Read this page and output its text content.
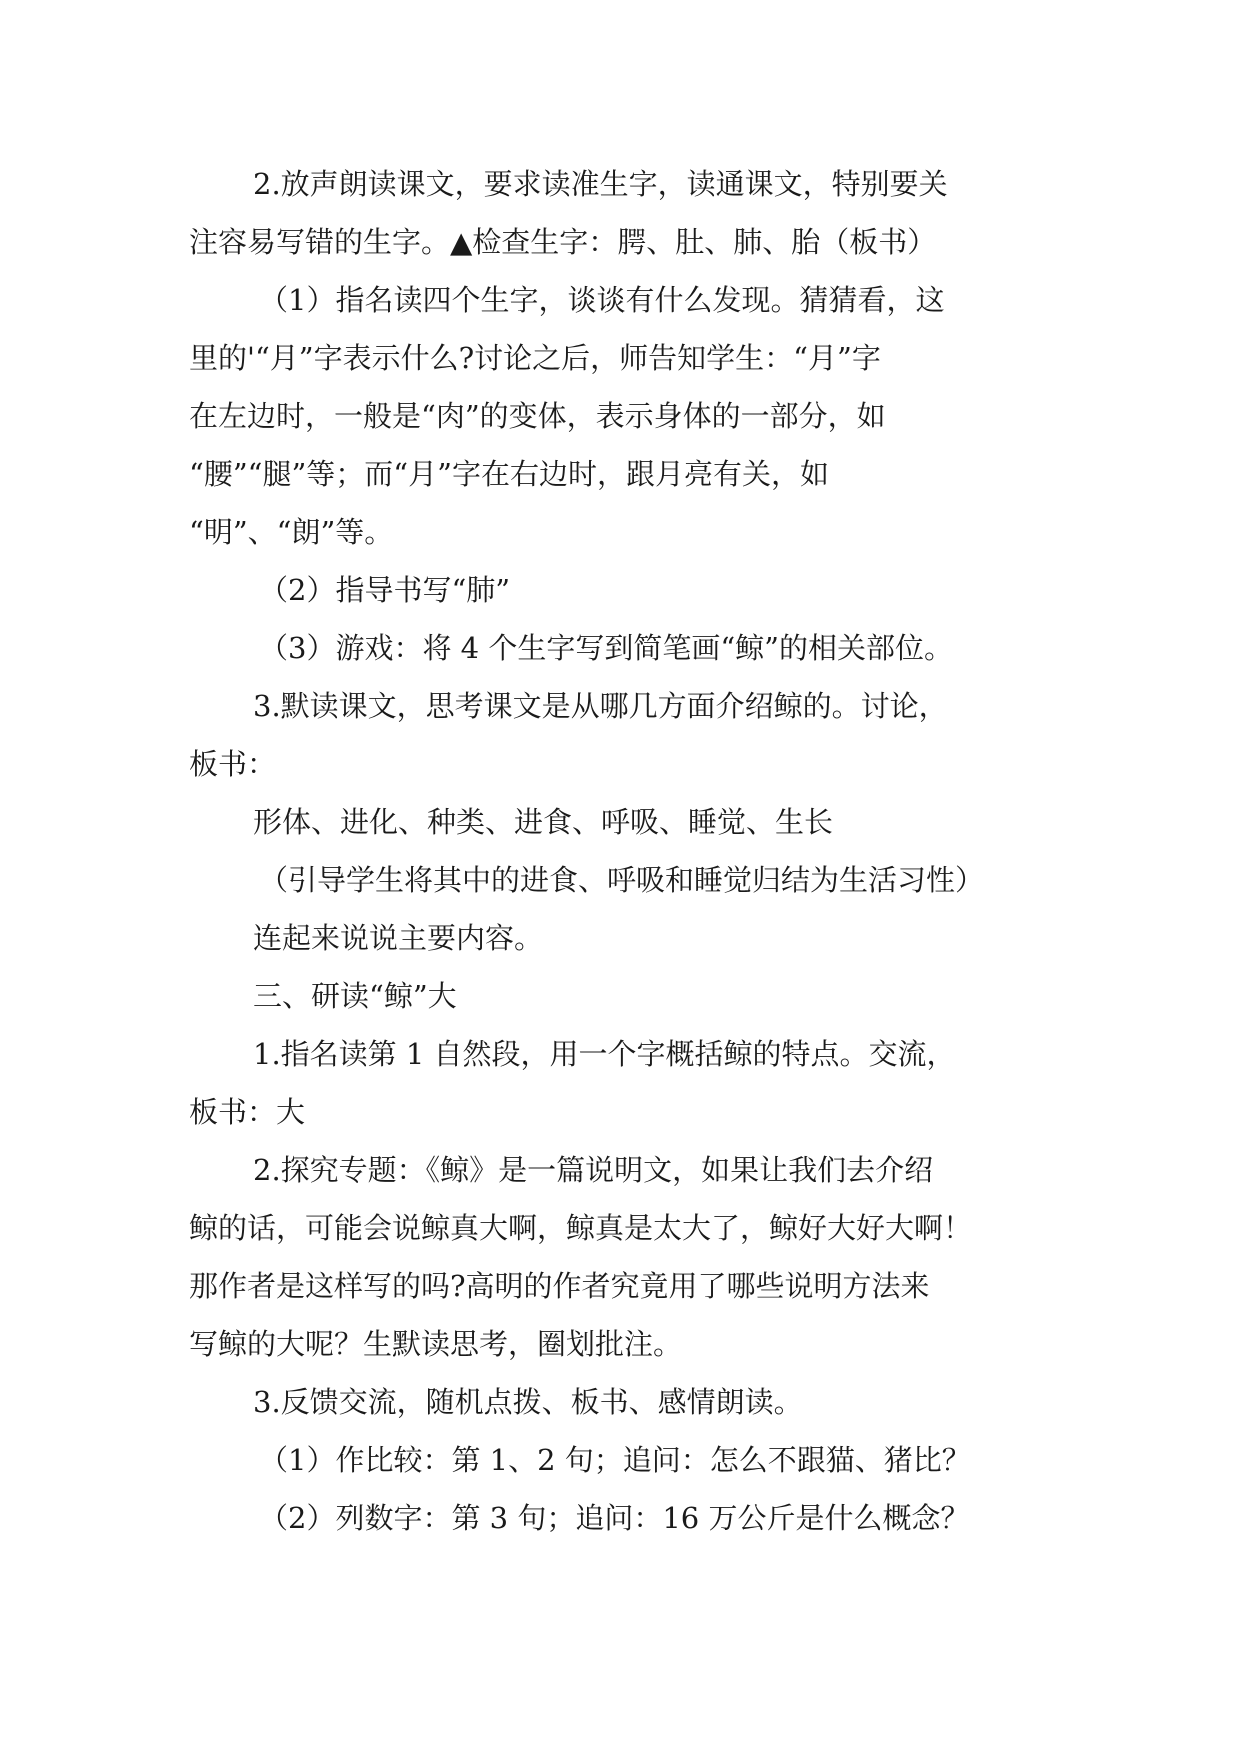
2.放声朗读课文，要求读准生字，读通课文，特别要关
注容易写错的生字。▲检查生字：腭、肚、肺、胎（板书）
（1）指名读四个生字，谈谈有什么发现。猜猜看，这
里的'“月”字表示什么?讨论之后，师告知学生：“月”字
在左边时，一般是“肉”的变体，表示身体的一部分，如
“腰”“腿”等；而“月”字在右边时，跟月亮有关，如
“明”、“朗”等。
（2）指导书写“肺”
（3）游戏：将 4 个生字写到简笔画“鲸”的相关部位。
3.默读课文，思考课文是从哪几方面介绍鲸的。讨论，
板书：
形体、进化、种类、进食、呼吸、睡觉、生长
（引导学生将其中的进食、呼吸和睡觉归结为生活习性）
连起来说说主要内容。
三、研读“鲸”大
1.指名读第 1 自然段，用一个字概括鲸的特点。交流，
板书：大
2.探究专题：《鲸》是一篇说明文，如果让我们去介绍
鲸的话，可能会说鲸真大啊，鲸真是太大了，鲸好大好大啊！
那作者是这样写的吗?高明的作者究竟用了哪些说明方法来
写鲸的大呢？生默读思考，圈划批注。
3.反馈交流，随机点拨、板书、感情朗读。
（1）作比较：第 1、2 句；追问：怎么不跟猫、猪比？
（2）列数字：第 3 句；追问：16 万公斤是什么概念？
